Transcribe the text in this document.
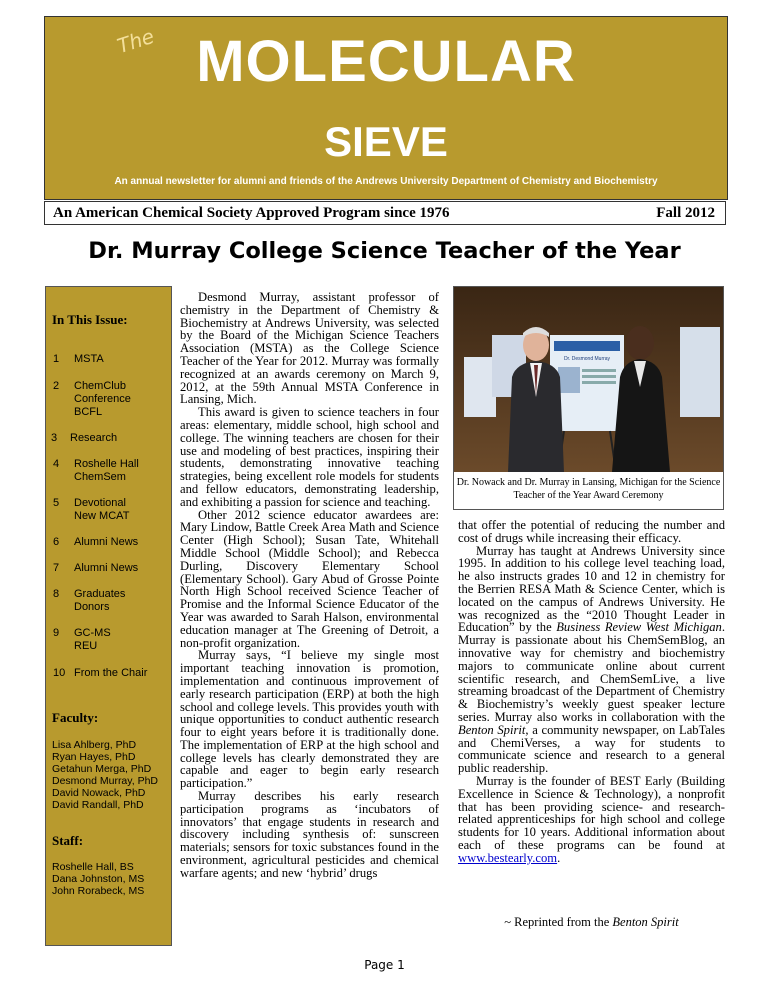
The MOLECULAR
SIEVE
An annual newsletter for alumni and friends of the Andrews University Department of Chemistry and Biochemistry
An American Chemical Society Approved Program since 1976	Fall 2012
Dr. Murray College Science Teacher of the Year
In This Issue:
1 MSTA
2 ChemClub
Conference
BCFL
3 Research
4 Roshelle Hall
ChemSem
5 Devotional
New MCAT
6 Alumni News
7 Alumni News
8 Graduates
Donors
9 GC-MS
REU
10 From the Chair
Faculty:
Lisa Ahlberg, PhD
Ryan Hayes, PhD
Getahun Merga, PhD
Desmond Murray, PhD
David Nowack, PhD
David Randall, PhD
Staff:
Roshelle Hall, BS
Dana Johnston, MS
John Rorabeck, MS

Desmond Murray, assistant professor of chemistry in the Department of Chemistry & Biochemistry at Andrews University, was selected by the Board of the Michigan Science Teachers Association (MSTA) as the College Science Teacher of the Year for 2012. Murray was formally recognized at an awards ceremony on March 9, 2012, at the 59th Annual MSTA Conference in Lansing, Mich.

This award is given to science teachers in four areas: elementary, middle school, high school and college. The winning teachers are chosen for their use and modeling of best practices, inspiring their students, demonstrating innovative teaching strategies, being excellent role models for students and fellow educators, demonstrating leadership, and exhibiting a passion for science and teaching.

Other 2012 science educator awardees are: Mary Lindow, Battle Creek Area Math and Science Center (High School); Susan Tate, Whitehall Middle School (Middle School); and Rebecca Durling, Discovery Elementary School (Elementary School). Gary Abud of Grosse Pointe North High School received Science Teacher of Promise and the Informal Science Educator of the Year was awarded to Sarah Halson, environmental education manager at The Greening of Detroit, a non-profit organization.

Murray says, “I believe my single most important teaching innovation is promotion, implementation and continuous improvement of early research participation (ERP) at both the high school and college levels. This provides youth with unique opportunities to conduct authentic research four to eight years before it is traditionally done. The implementation of ERP at the high school and college levels has clearly demonstrated they are capable and eager to begin early research participation.”

Murray describes his early research participation programs as ‘incubators of innovators’ that engage students in research and discovery including synthesis of: sunscreen materials; sensors for toxic substances found in the environment, agricultural pesticides and chemical warfare agents; and new ‘hybrid’ drugs

Dr. Desmond Murray
Dr. Nowack and Dr. Murray in Lansing, Michigan for the Science Teacher of the Year Award Ceremony

that offer the potential of reducing the number and cost of drugs while increasing their efficacy.

Murray has taught at Andrews University since 1995. In addition to his college level teaching load, he also instructs grades 10 and 12 in chemistry for the Berrien RESA Math & Science Center, which is located on the campus of Andrews University. He was recognized as the “2010 Thought Leader in Education” by the Business Review West Michigan. Murray is passionate about his ChemSemBlog, an innovative way for chemistry and biochemistry majors to communicate online about current scientific research, and ChemSemLive, a live streaming broadcast of the Department of Chemistry & Biochemistry’s weekly guest speaker lecture series. Murray also works in collaboration with the Benton Spirit, a community newspaper, on LabTales and ChemiVerses, a way for students to communicate science and research to a general public readership.

Murray is the founder of BEST Early (Building Excellence in Science & Technology), a nonprofit that has been providing science- and research-related apprenticeships for high school and college students for 10 years. Additional information about each of these programs can be found at www.bestearly.com.

~ Reprinted from the Benton Spirit
Page 1
